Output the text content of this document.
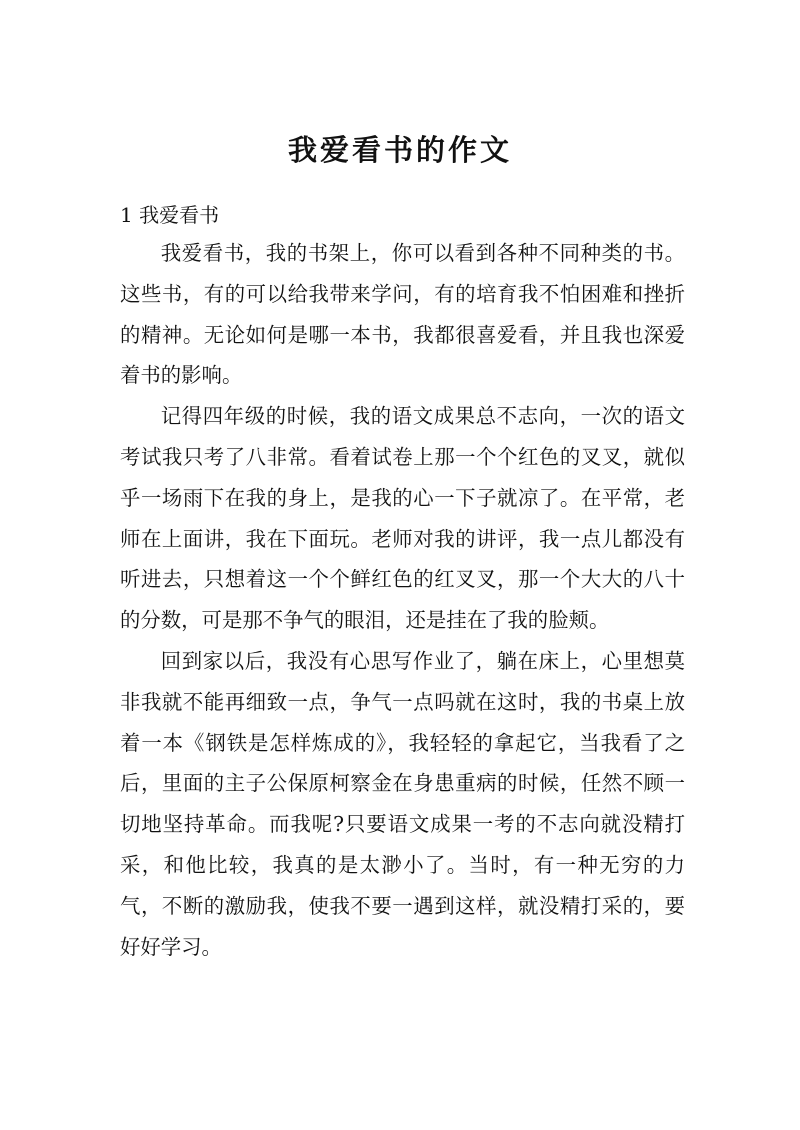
我爱看书的作文
1 我爱看书

我爱看书，我的书架上，你可以看到各种不同种类的书。这些书，有的可以给我带来学问，有的培育我不怕困难和挫折的精神。无论如何是哪一本书，我都很喜爱看，并且我也深爱着书的影响。

记得四年级的时候，我的语文成果总不志向，一次的语文考试我只考了八非常。看着试卷上那一个个红色的叉叉，就似乎一场雨下在我的身上，是我的心一下子就凉了。在平常，老师在上面讲，我在下面玩。老师对我的讲评，我一点儿都没有听进去，只想着这一个个鲜红色的红叉叉，那一个大大的八十的分数，可是那不争气的眼泪，还是挂在了我的脸颊。

回到家以后，我没有心思写作业了，躺在床上，心里想莫非我就不能再细致一点，争气一点吗就在这时，我的书桌上放着一本《钢铁是怎样炼成的》，我轻轻的拿起它，当我看了之后，里面的主子公保原柯察金在身患重病的时候，任然不顾一切地坚持革命。而我呢?只要语文成果一考的不志向就没精打采，和他比较，我真的是太渺小了。当时，有一种无穷的力气，不断的激励我，使我不要一遇到这样，就没精打采的，要好好学习。
